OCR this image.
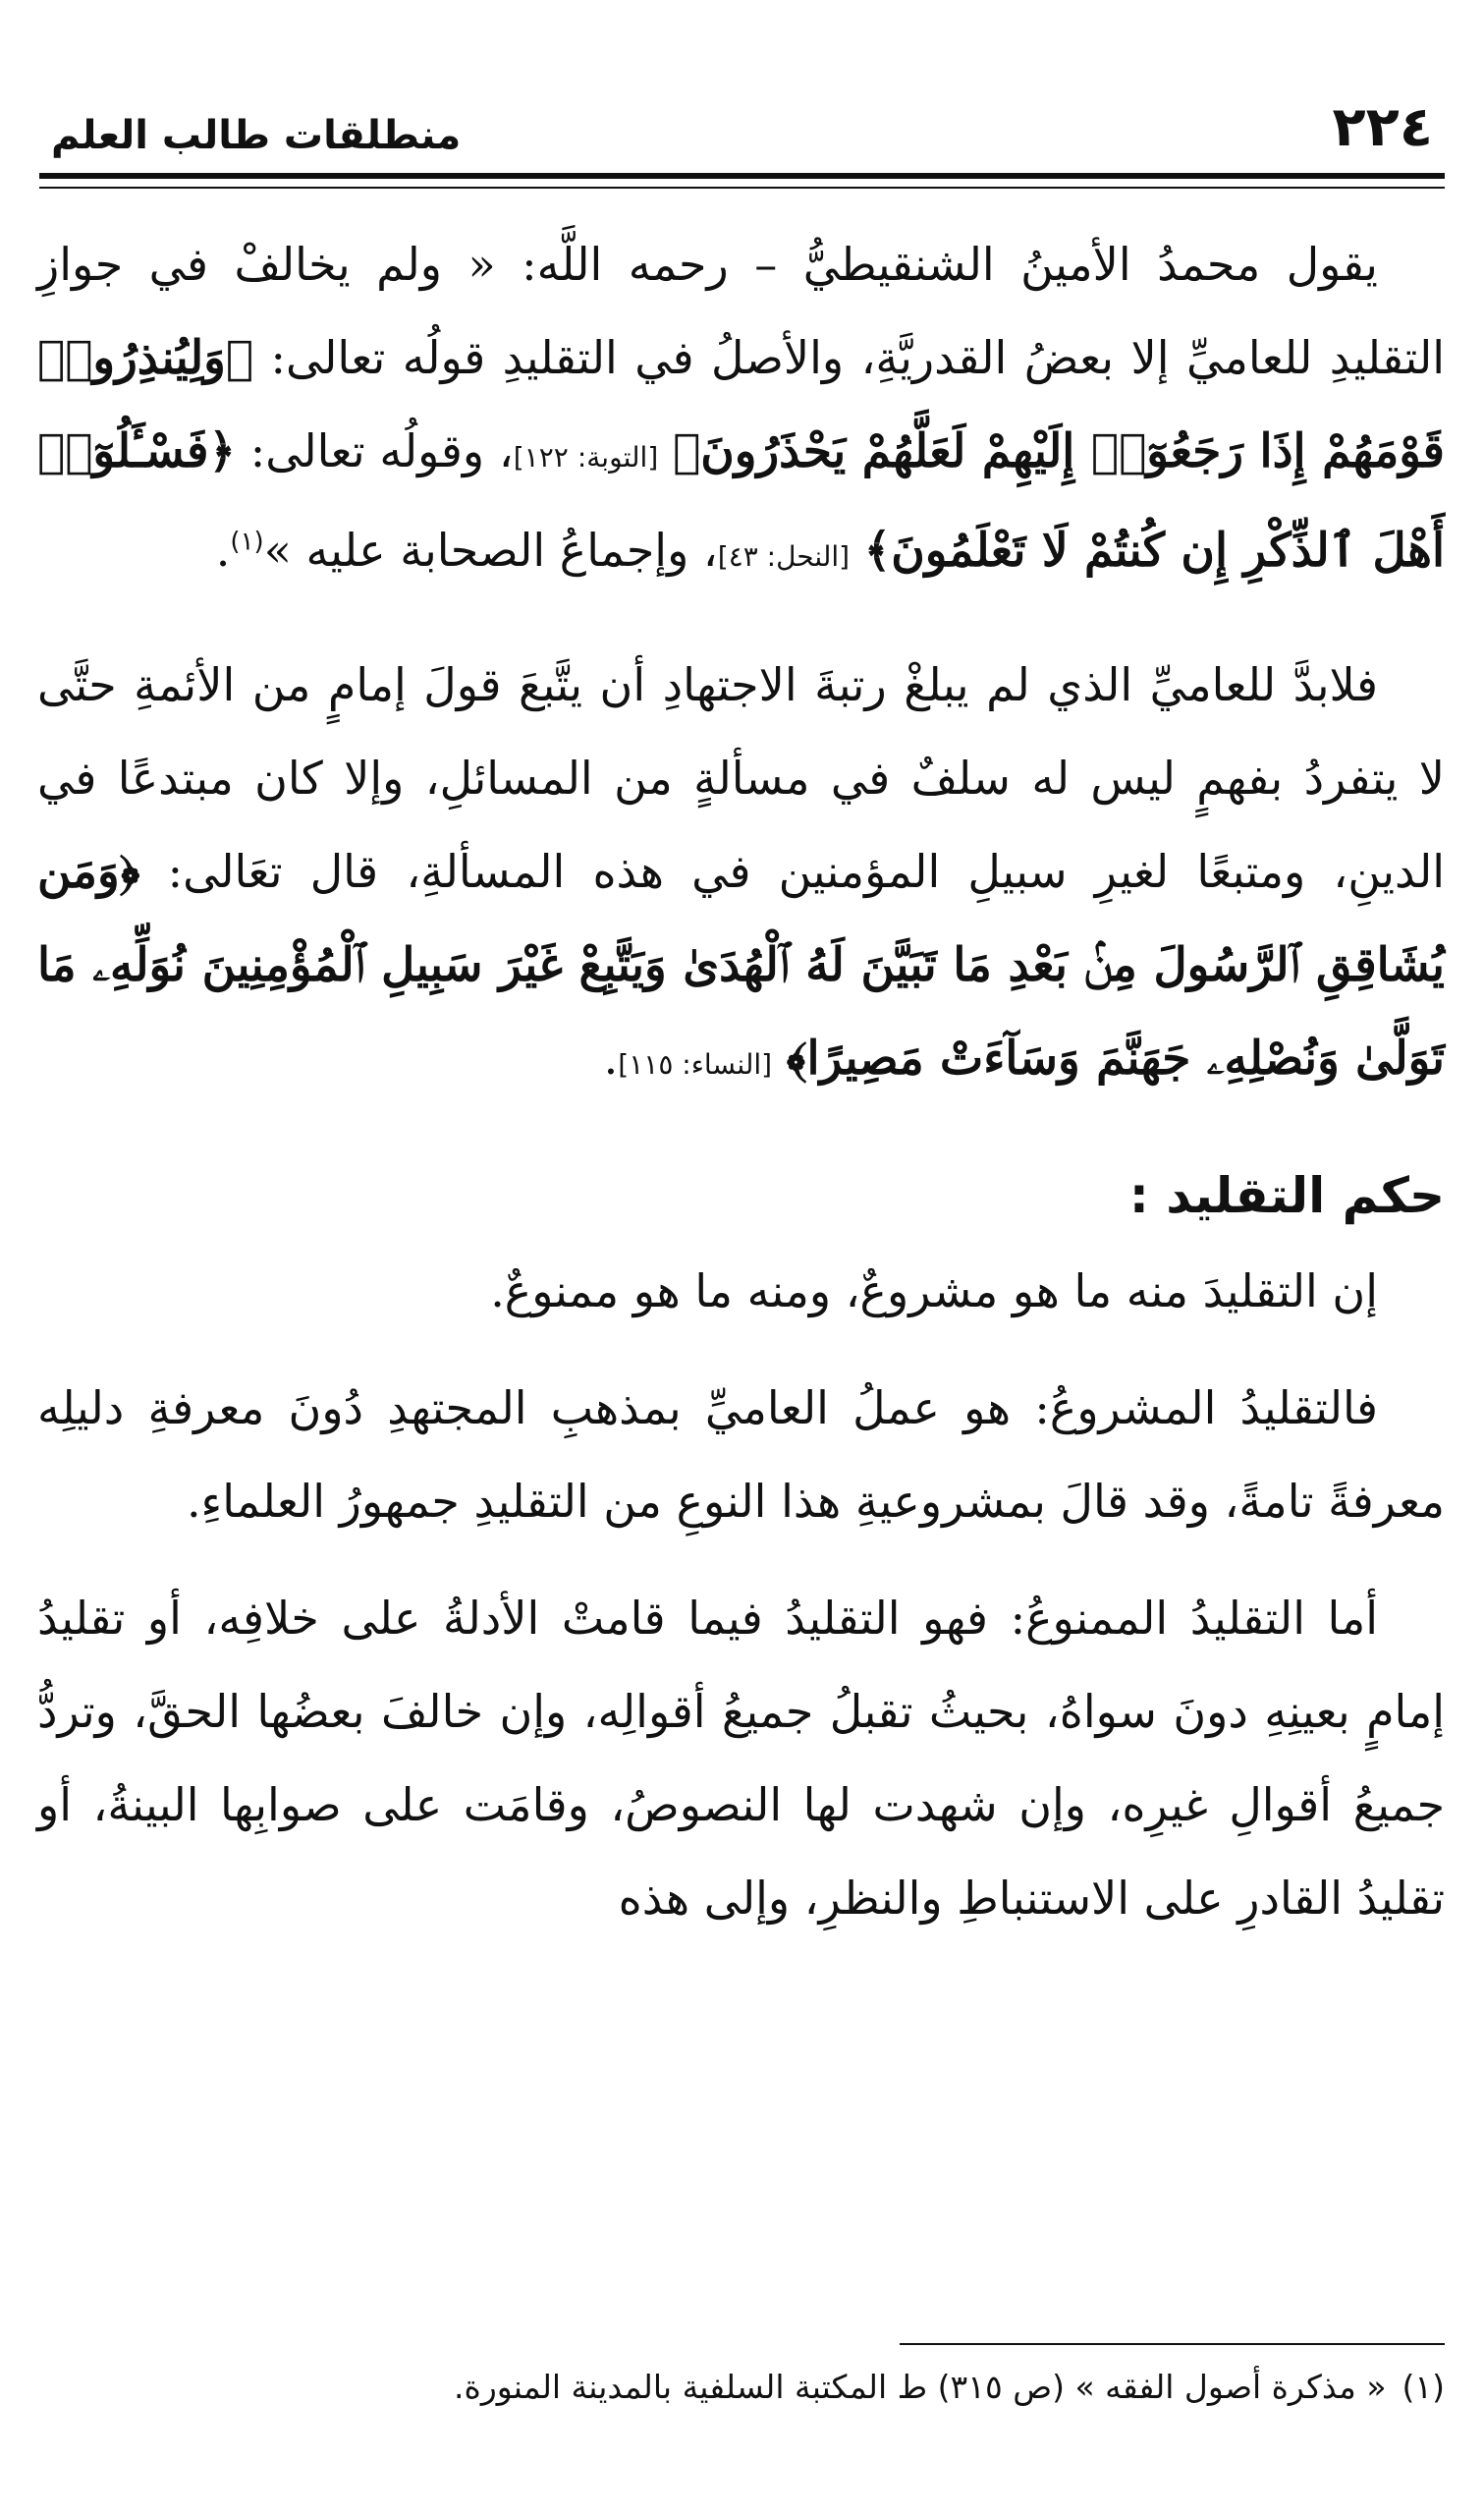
٢٢٤
منطلقات طالب العلم

يقول محمدُ الأمينُ الشنقيطيُّ – رحمه اللَّه: « ولم يخالفْ في جوازِ التقليدِ للعاميِّ إلا بعضُ القدريَّةِ، والأصلُ في التقليدِ قولُه تعالى: ﴿وَلِيُنذِرُوا۟ قَوْمَهُمْ إِذَا رَجَعُوٓا۟ إِلَيْهِمْ لَعَلَّهُمْ يَحْذَرُونَ﴾ [التوبة: ١٢٢]، وقولُه تعالى: ﴿فَسْـَٔلُوٓا۟ أَهْلَ ٱلذِّكْرِ إِن كُنتُمْ لَا تَعْلَمُونَ﴾ [النحل: ٤٣]، وإجماعُ الصحابة عليه »$^{(١)}$.

فلابدَّ للعاميِّ الذي لم يبلغْ رتبةَ الاجتهادِ أن يتَّبعَ قولَ إمامٍ من الأئمةِ حتَّى لا يتفردُ بفهمٍ ليس له سلفٌ في مسألةٍ من المسائلِ، وإلا كان مبتدعًا في الدينِ، ومتبعًا لغيرِ سبيلِ المؤمنين في هذه المسألةِ، قال تعَالى: ﴿وَمَن يُشَاقِقِ ٱلرَّسُولَ مِنۢ بَعْدِ مَا تَبَيَّنَ لَهُ ٱلْهُدَىٰ وَيَتَّبِعْ غَيْرَ سَبِيلِ ٱلْمُؤْمِنِينَ نُوَلِّهِۦ مَا تَوَلَّىٰ وَنُصْلِهِۦ جَهَنَّمَ وَسَآءَتْ مَصِيرًا﴾ [النساء: ١١٥].

حكم التقليد :

إن التقليدَ منه ما هو مشروعٌ، ومنه ما هو ممنوعٌ.

فالتقليدُ المشروعُ: هو عملُ العاميِّ بمذهبِ المجتهدِ دُونَ معرفةِ دليلِه معرفةً تامةً، وقد قالَ بمشروعيةِ هذا النوعِ من التقليدِ جمهورُ العلماءِ.

أما التقليدُ الممنوعُ: فهو التقليدُ فيما قامتْ الأدلةُ على خلافِه، أو تقليدُ إمامٍ بعينِهِ دونَ سواهُ، بحيثُ تقبلُ جميعُ أقوالِه، وإن خالفَ بعضُها الحقَّ، وتردُّ جميعُ أقوالِ غيرِه، وإن شهدت لها النصوصُ، وقامَت على صوابِها البينةُ، أو تقليدُ القادرِ على الاستنباطِ والنظرِ، وإلى هذه

(١)« مذكرة أصول الفقه » (ص ٣١٥) ط المكتبة السلفية بالمدينة المنورة.
